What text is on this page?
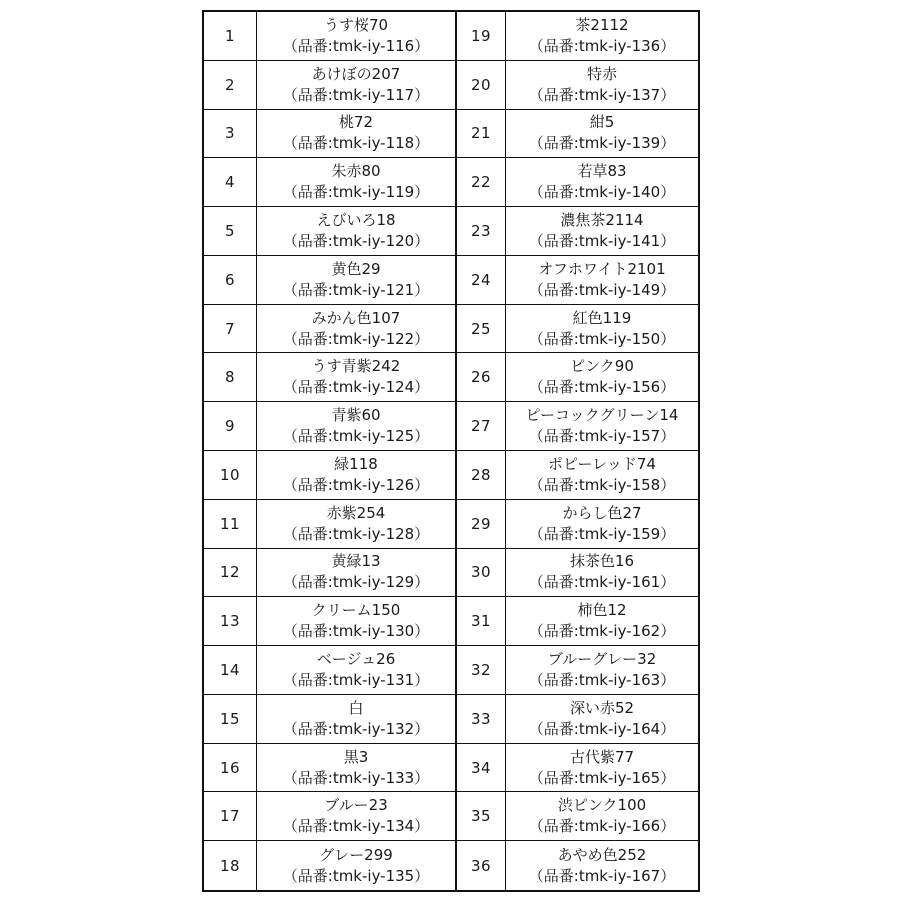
1
うす桜70
（品番:tmk-iy-116）
19
茶2112
（品番:tmk-iy-136）
2
あけぼの207
（品番:tmk-iy-117）
20
特赤
（品番:tmk-iy-137）
3
桃72
（品番:tmk-iy-118）
21
紺5
（品番:tmk-iy-139）
4
朱赤80
（品番:tmk-iy-119）
22
若草83
（品番:tmk-iy-140）
5
えびいろ18
（品番:tmk-iy-120）
23
濃焦茶2114
（品番:tmk-iy-141）
6
黄色29
（品番:tmk-iy-121）
24
オフホワイト2101
（品番:tmk-iy-149）
7
みかん色107
（品番:tmk-iy-122）
25
紅色119
（品番:tmk-iy-150）
8
うす青紫242
（品番:tmk-iy-124）
26
ピンク90
（品番:tmk-iy-156）
9
青紫60
（品番:tmk-iy-125）
27
ピーコックグリーン14
（品番:tmk-iy-157）
10
緑118
（品番:tmk-iy-126）
28
ポピーレッド74
（品番:tmk-iy-158）
11
赤紫254
（品番:tmk-iy-128）
29
からし色27
（品番:tmk-iy-159）
12
黄緑13
（品番:tmk-iy-129）
30
抹茶色16
（品番:tmk-iy-161）
13
クリーム150
（品番:tmk-iy-130）
31
柿色12
（品番:tmk-iy-162）
14
ベージュ26
（品番:tmk-iy-131）
32
ブルーグレー32
（品番:tmk-iy-163）
15
白
（品番:tmk-iy-132）
33
深い赤52
（品番:tmk-iy-164）
16
黒3
（品番:tmk-iy-133）
34
古代紫77
（品番:tmk-iy-165）
17
ブルー23
（品番:tmk-iy-134）
35
渋ピンク100
（品番:tmk-iy-166）
18
グレー299
（品番:tmk-iy-135）
36
あやめ色252
（品番:tmk-iy-167）
